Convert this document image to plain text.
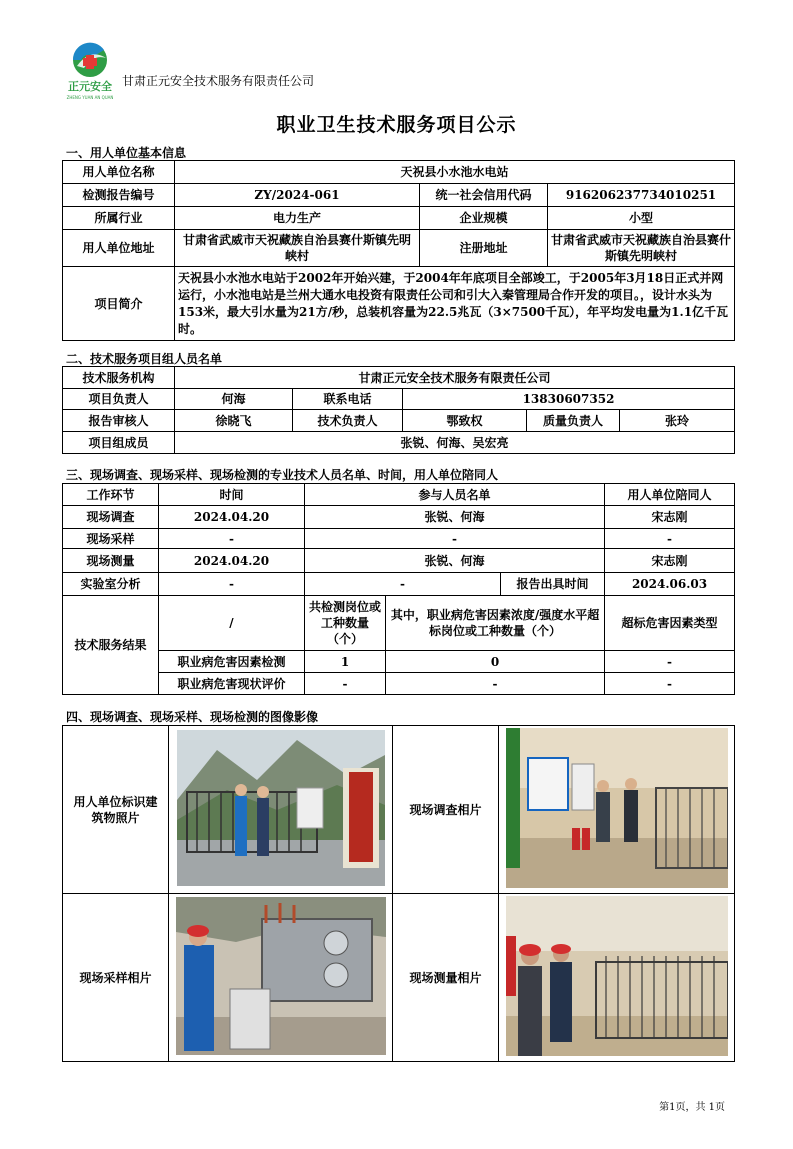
正元安全
ZHENG YUAN AN QUAN
甘肃正元安全技术服务有限责任公司
职业卫生技术服务项目公示
一、用人单位基本信息
用人单位名称	天祝县小水池水电站		
检测报告编号	ZY/2024-061	统一社会信用代码	916206237734010251
所属行业	电力生产	企业规模	小型
用人单位地址	甘肃省武威市天祝藏族自治县赛什斯镇先明峡村	注册地址	甘肃省武威市天祝藏族自治县赛什斯镇先明峡村
项目简介	天祝县小水池水电站于2002年开始兴建，于2004年年底项目全部竣工，于2005年3月18日正式并网运行，小水池电站是兰州大通水电投资有限责任公司和引大入秦管理局合作开发的项目。，设计水头为153米，最大引水量为21方/秒，总装机容量为22.5兆瓦（3×7500千瓦），年平均发电量为1.1亿千瓦时。		
二、技术服务项目组人员名单
技术服务机构	甘肃正元安全技术服务有限责任公司				
项目负责人	何海	联系电话	13830607352		
报告审核人	徐晓飞	技术负责人	鄂致权	质量负责人	张玲
项目组成员	张锐、何海、吴宏亮				
三、现场调查、现场采样、现场检测的专业技术人员名单、时间，用人单位陪同人
工作环节	时间	参与人员名单			用人单位陪同人
现场调查	2024.04.20	张锐、何海			宋志刚
现场采样	-	-			-
现场测量	2024.04.20	张锐、何海			宋志刚
实验室分析	-	-		报告出具时间	2024.06.03
技术服务结果	/	共检测岗位或工种数量（个）	其中，职业病危害因素浓度/强度水平超标岗位或工种数量（个）		超标危害因素类型
	职业病危害因素检测	1	0		-
	职业病危害现状评价	-	-		-
四、现场调查、现场采样、现场检测的图像影像
用人单位标识建筑物照片		现场调查相片	
现场采样相片		现场测量相片	
第1页，共 1页
